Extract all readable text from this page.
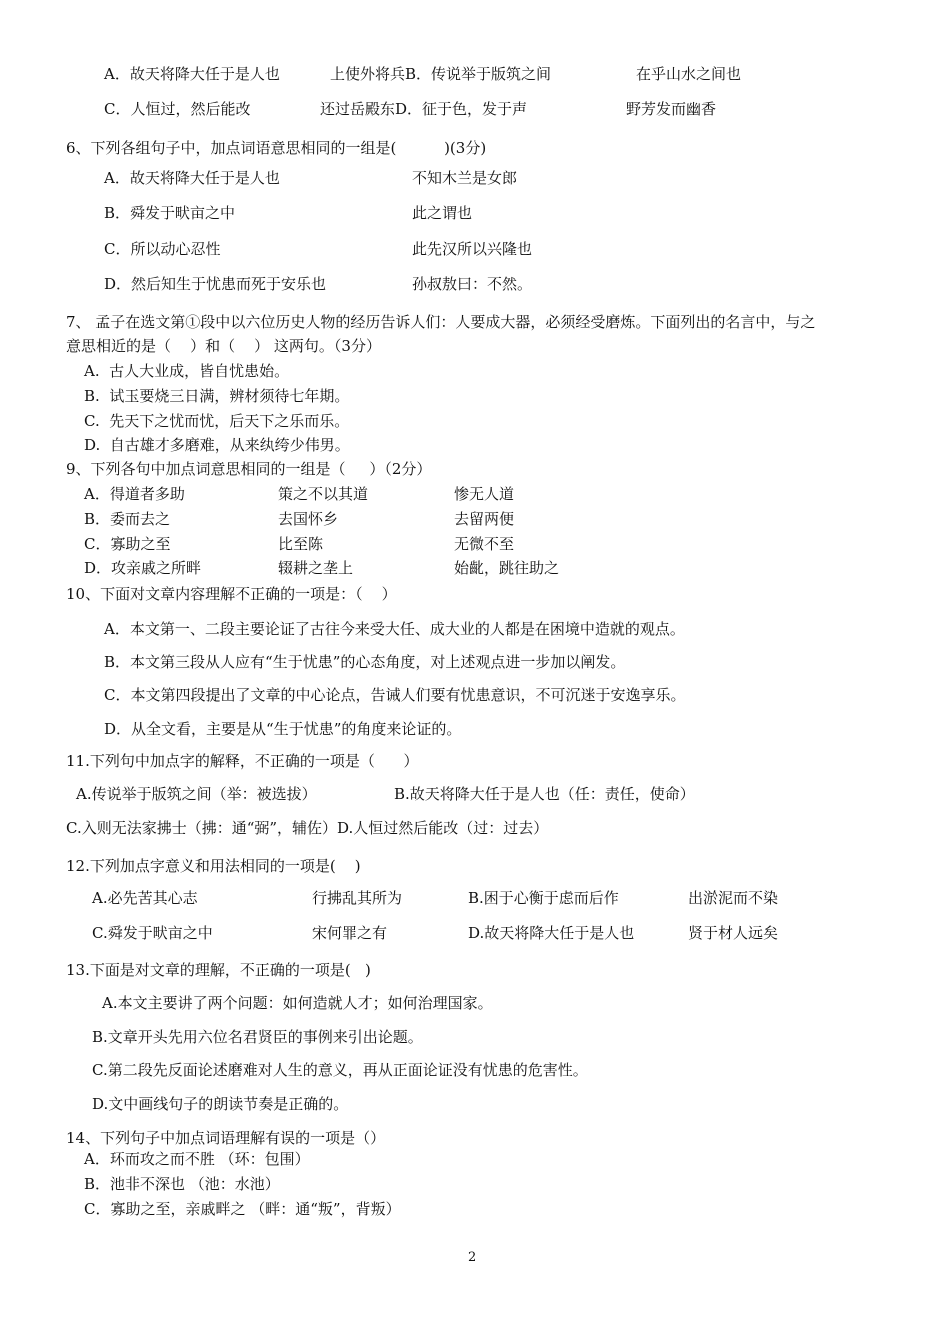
A．故天将降大任于是人也	上使外将兵B．传说举于版筑之间	在乎山水之间也
C．人恒过，然后能改	还过岳殿东D．征于色，发于声	野芳发而幽香
6、下列各组句子中，加点词语意思相同的一组是(          )(3分)
A．故天将降大任于是人也	不知木兰是女郎
B．舜发于畎亩之中	此之谓也
C．所以动心忍性	此先汉所以兴隆也
D．然后知生于忧患而死于安乐也	孙叔敖曰：不然。
7、 孟子在选文第①段中以六位历史人物的经历告诉人们：人要成大器，必须经受磨炼。下面列出的名言中，与之
意思相近的是（    ）和（    ） 这两句。（3分）
A.  古人大业成，皆自忧患始。
B.  试玉要烧三日满，辨材须待七年期。
C.  先天下之忧而忧，后天下之乐而乐。
D.  自古雄才多磨难，从来纨绔少伟男。
9、下列各句中加点词意思相同的一组是（     ）（2分）
A．得道者多助	策之不以其道	惨无人道
B．委而去之	去国怀乡	去留两便
C．寡助之至	比至陈	无微不至
D．攻亲戚之所畔	辍耕之垄上	始齔，跳往助之
10、下面对文章内容理解不正确的一项是：（    ）
A．本文第一、二段主要论证了古往今来受大任、成大业的人都是在困境中造就的观点。
B．本文第三段从人应有“生于忧患”的心态角度，对上述观点进一步加以阐发。
C．本文第四段提出了文章的中心论点，告诫人们要有忧患意识，不可沉迷于安逸享乐。
D．从全文看，主要是从“生于忧患”的角度来论证的。
11.下列句中加点字的解释，不正确的一项是（      ）
A.传说举于版筑之间（举：被选拔）	B.故天将降大任于是人也（任：责任，使命）
C.入则无法家拂士（拂：通“弼”，辅佐）D.人恒过然后能改（过：过去）
12.下列加点字意义和用法相同的一项是(    )
A.必先苦其心志	行拂乱其所为	B.困于心衡于虑而后作	出淤泥而不染
C.舜发于畎亩之中	宋何罪之有	D.故天将降大任于是人也	贤于材人远矣
13.下面是对文章的理解，不正确的一项是(   )
A.本文主要讲了两个问题：如何造就人才；如何治理国家。
B.文章开头先用六位名君贤臣的事例来引出论题。
C.第二段先反面论述磨难对人生的意义，再从正面论证没有忧患的危害性。
D.文中画线句子的朗读节奏是正确的。
14、下列句子中加点词语理解有误的一项是（）
A．环而攻之而不胜 （环：包围）
B．池非不深也 （池：水池）
C．寡助之至，亲戚畔之 （畔：通“叛”，背叛）
2
